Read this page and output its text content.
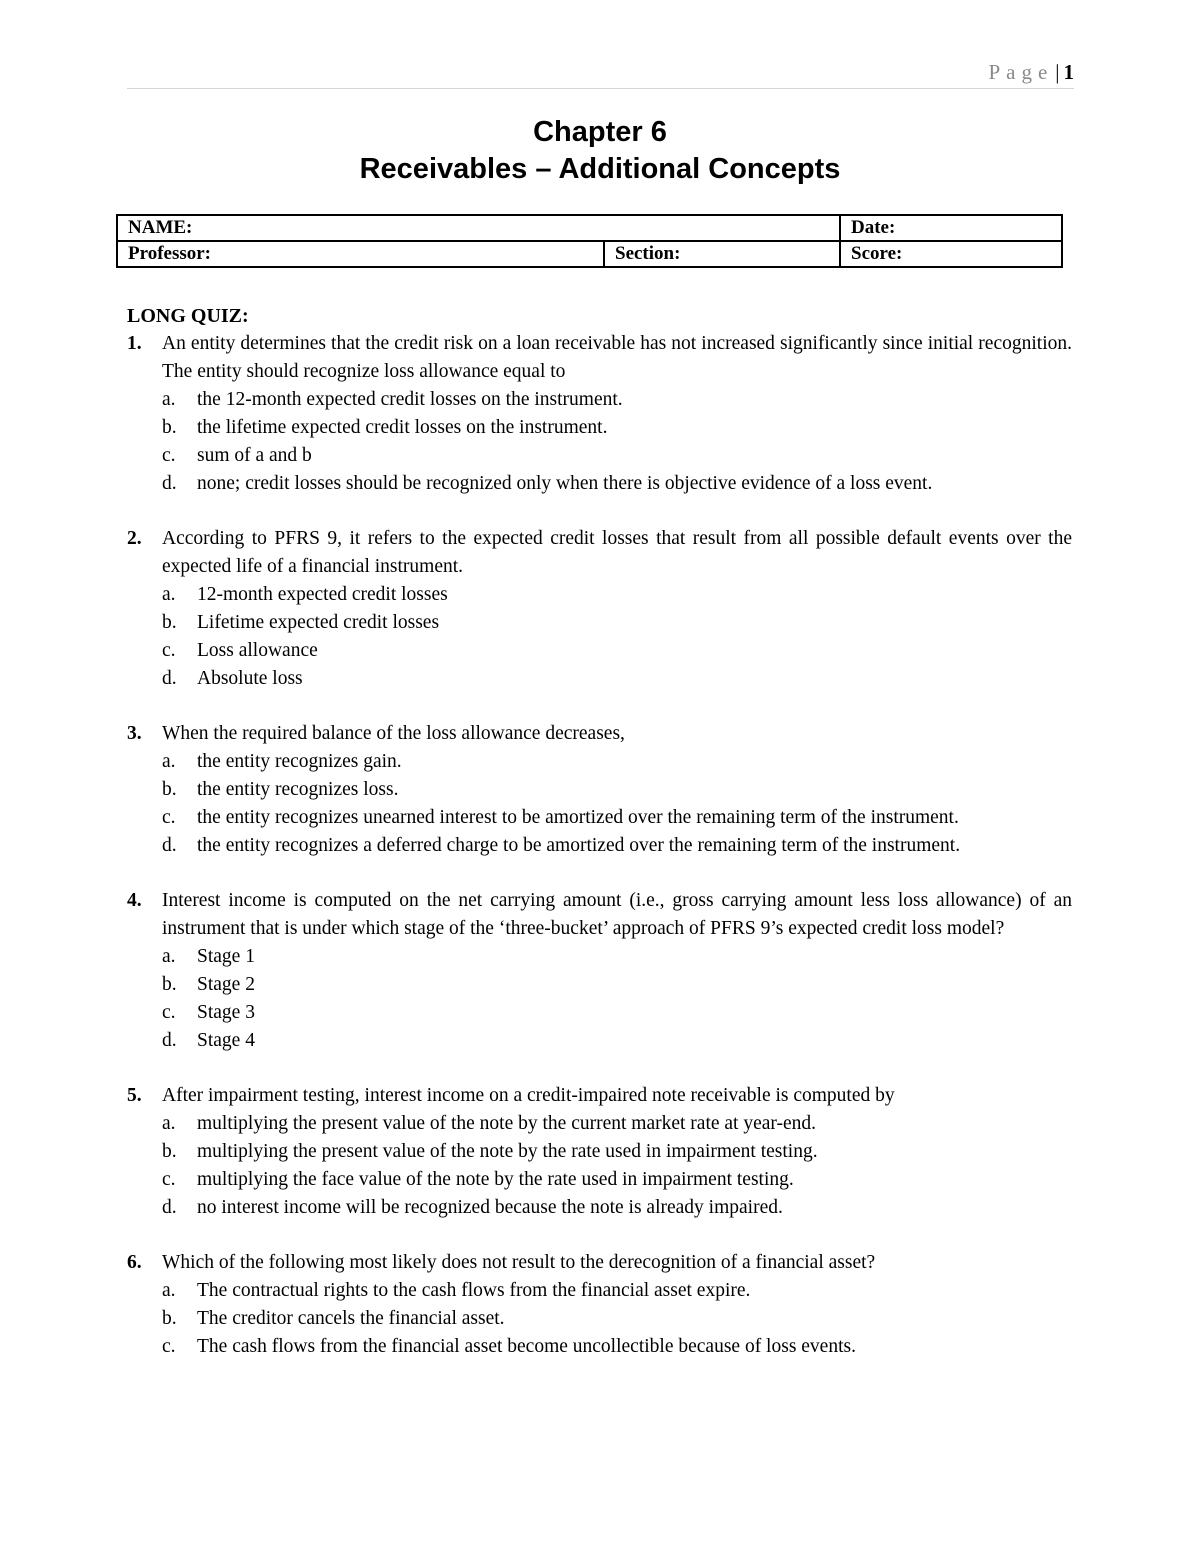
Page| 1
Chapter 6
Receivables – Additional Concepts
NAME:		Date:
Professor:	Section:	Score:

LONG QUIZ:

1. An entity determines that the credit risk on a loan receivable has not increased significantly since initial recognition. The entity should recognize loss allowance equal to
a. the 12-month expected credit losses on the instrument.
b. the lifetime expected credit losses on the instrument.
c. sum of a and b
d. none; credit losses should be recognized only when there is objective evidence of a loss event.
2. According to PFRS 9, it refers to the expected credit losses that result from all possible default events over the expected life of a financial instrument.
a. 12-month expected credit losses
b. Lifetime expected credit losses
c. Loss allowance
d. Absolute loss
3. When the required balance of the loss allowance decreases,
a. the entity recognizes gain.
b. the entity recognizes loss.
c. the entity recognizes unearned interest to be amortized over the remaining term of the instrument.
d. the entity recognizes a deferred charge to be amortized over the remaining term of the instrument.
4. Interest income is computed on the net carrying amount (i.e., gross carrying amount less loss allowance) of an instrument that is under which stage of the ‘three-bucket’ approach of PFRS 9’s expected credit loss model?
a. Stage 1
b. Stage 2
c. Stage 3
d. Stage 4
5. After impairment testing, interest income on a credit-impaired note receivable is computed by
a. multiplying the present value of the note by the current market rate at year-end.
b. multiplying the present value of the note by the rate used in impairment testing.
c. multiplying the face value of the note by the rate used in impairment testing.
d. no interest income will be recognized because the note is already impaired.
6. Which of the following most likely does not result to the derecognition of a financial asset?
a. The contractual rights to the cash flows from the financial asset expire.
b. The creditor cancels the financial asset.
c. The cash flows from the financial asset become uncollectible because of loss events.
